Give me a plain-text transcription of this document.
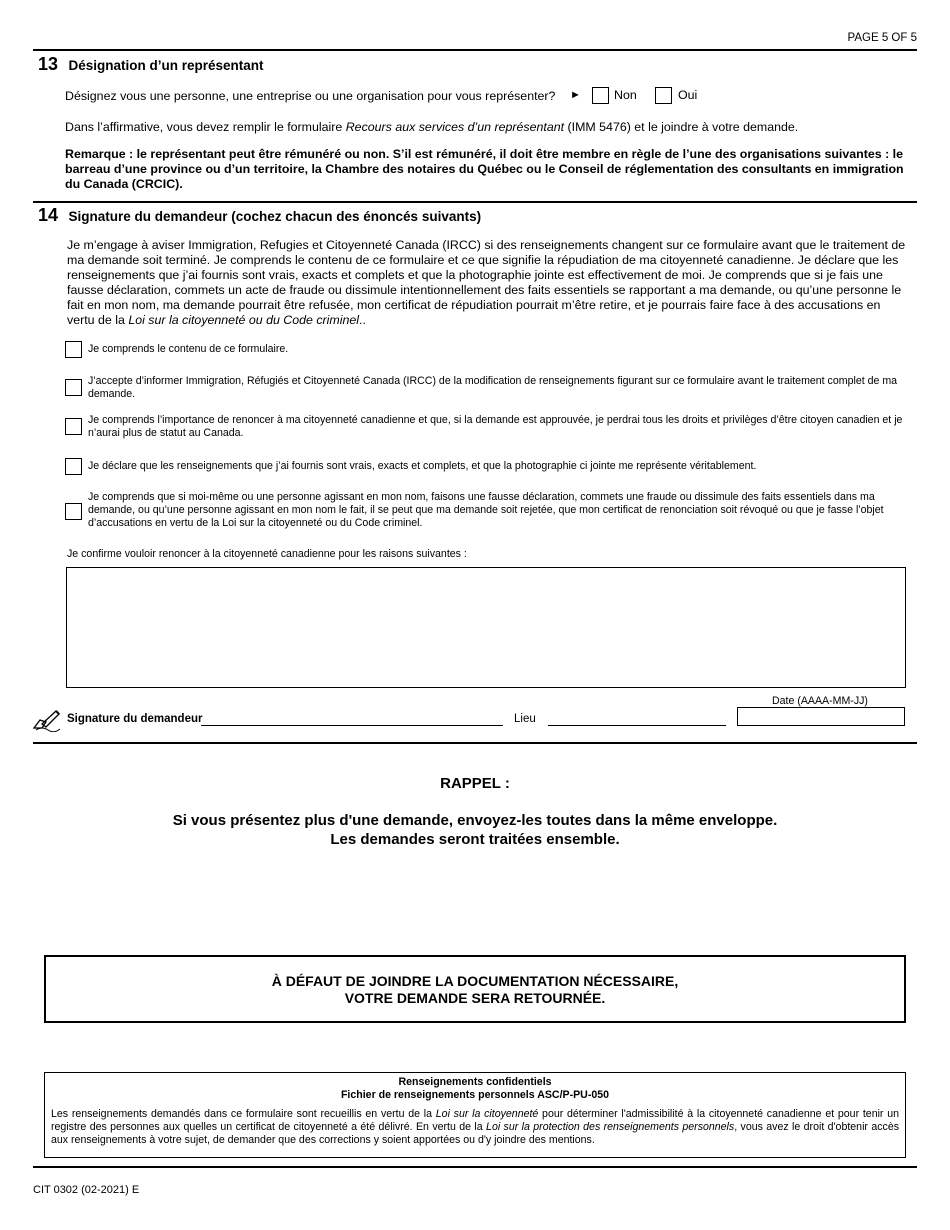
PAGE 5 OF 5
13 Désignation d’un représentant
Désignez vous une personne, une entreprise ou une organisation pour vous représenter? ►	Non	Oui
Dans l’affirmative, vous devez remplir le formulaire Recours aux services d’un représentant (IMM 5476) et le joindre à votre demande.
Remarque : le représentant peut être rémunéré ou non. S’il est rémunéré, il doit être membre en règle de l’une des organisations suivantes : le barreau d’une province ou d’un territoire, la Chambre des notaires du Québec ou le Conseil de réglementation des consultants en immigration du Canada (CRCIC).
14 Signature du demandeur (cochez chacun des énoncés suivants)
Je m’engage à aviser Immigration, Refugies et Citoyenneté Canada (IRCC) si des renseignements changent sur ce formulaire avant que le traitement de ma demande soit terminé. Je comprends le contenu de ce formulaire et ce que signifie la répudiation de ma citoyenneté canadienne. Je déclare que les renseignements que j’ai fournis sont vrais, exacts et complets et que la photographie jointe est effectivement de moi. Je comprends que si je fais une fausse déclaration, commets un acte de fraude ou dissimule intentionnellement des faits essentiels se rapportant a ma demande, ou qu’une personne le fait en mon nom, ma demande pourrait être refusée, mon certificat de répudiation pourrait m’être retire, et je pourrais faire face à des accusations en vertu de la Loi sur la citoyenneté ou du Code criminel..
Je comprends le contenu de ce formulaire.
J’accepte d’informer Immigration, Réfugiés et Citoyenneté Canada (IRCC) de la modification de renseignements figurant sur ce formulaire avant le traitement complet de ma demande.
Je comprends l’importance de renoncer à ma citoyenneté canadienne et que, si la demande est approuvée, je perdrai tous les droits et privilèges d’être citoyen canadien et je n’aurai plus de statut au Canada.
Je déclare que les renseignements que j’ai fournis sont vrais, exacts et complets, et que la photographie ci jointe me représente véritablement.
Je comprends que si moi-même ou une personne agissant en mon nom, faisons une fausse déclaration, commets une fraude ou dissimule des faits essentiels dans ma demande, ou qu’une personne agissant en mon nom le fait, il se peut que ma demande soit rejetée, que mon certificat de renonciation soit révoqué ou que je fasse l’objet d’accusations en vertu de la Loi sur la citoyenneté ou du Code criminel.
Je confirme vouloir renoncer à la citoyenneté canadienne pour les raisons suivantes :
Date (AAAA-MM-JJ)
Signature du demandeur	Lieu
RAPPEL :
Si vous présentez plus d'une demande, envoyez-les toutes dans la même enveloppe.
Les demandes seront traitées ensemble.
À DÉFAUT DE JOINDRE LA DOCUMENTATION NÉCESSAIRE,
VOTRE DEMANDE SERA RETOURNÉE.
Renseignements confidentiels
Fichier de renseignements personnels ASC/P-PU-050
Les renseignements demandés dans ce formulaire sont recueillis en vertu de la Loi sur la citoyenneté pour déterminer l'admissibilité à la citoyenneté canadienne et pour tenir un registre des personnes aux quelles un certificat de citoyenneté a été délivré. En vertu de la Loi sur la protection des renseignements personnels, vous avez le droit d'obtenir accès aux renseignements à votre sujet, de demander que des corrections y soient apportées ou d'y joindre des mentions.
CIT 0302 (02-2021) E
